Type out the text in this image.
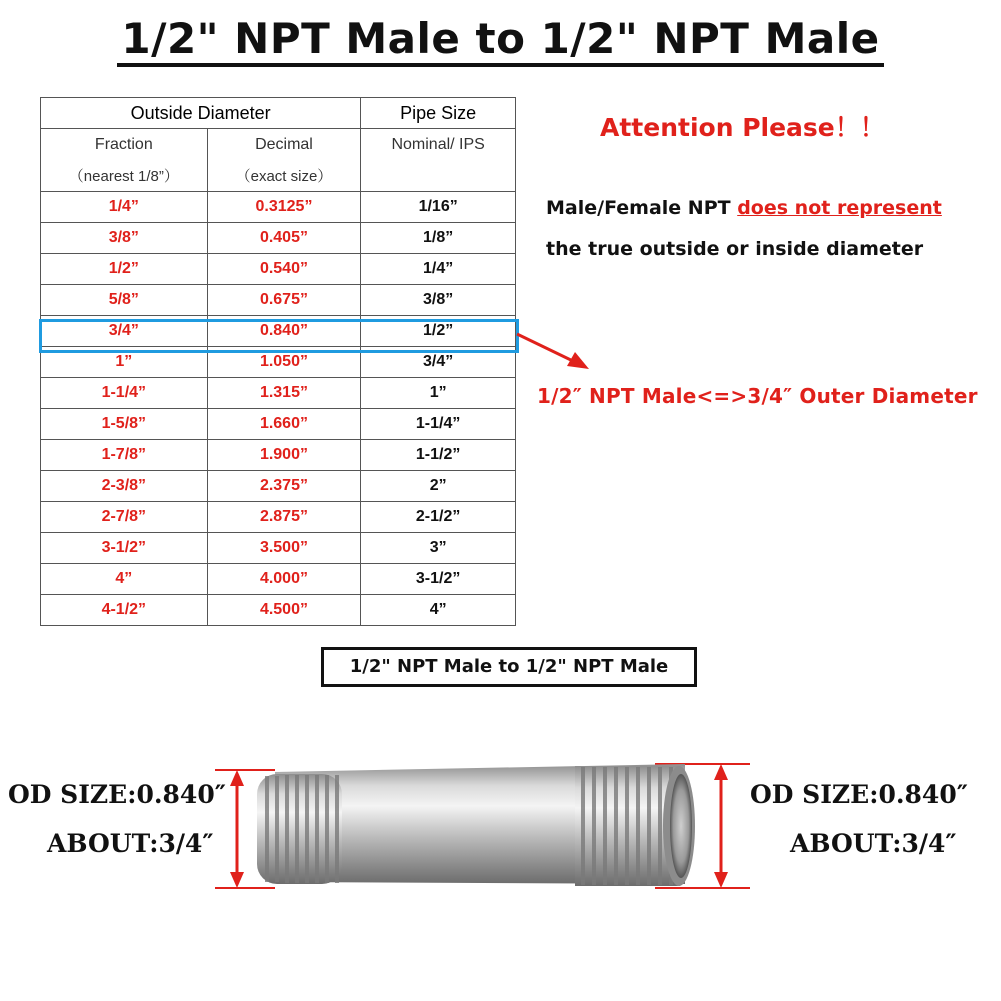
1/2" NPT Male to 1/2" NPT Male
Outside Diameter		Pipe Size
Fraction	Decimal	Nominal/ IPS
（nearest 1/8”）	（exact size）	
1/4”	0.3125”	1/16”
3/8”	0.405”	1/8”
1/2”	0.540”	1/4”
5/8”	0.675”	3/8”
3/4”	0.840”	1/2”
1”	1.050”	3/4”
1-1/4”	1.315”	1”
1-5/8”	1.660”	1-1/4”
1-7/8”	1.900”	1-1/2”
2-3/8”	2.375”	2”
2-7/8”	2.875”	2-1/2”
3-1/2”	3.500”	3”
4”	4.000”	3-1/2”
4-1/2”	4.500”	4”
Attention Please！！
Male/Female NPT does not represent
the true outside or inside diameter
1/2″ NPT Male<=>3/4″ Outer Diameter
1/2" NPT Male to 1/2" NPT Male
OD SIZE:0.840″
ABOUT:3/4″
OD SIZE:0.840″
ABOUT:3/4″
